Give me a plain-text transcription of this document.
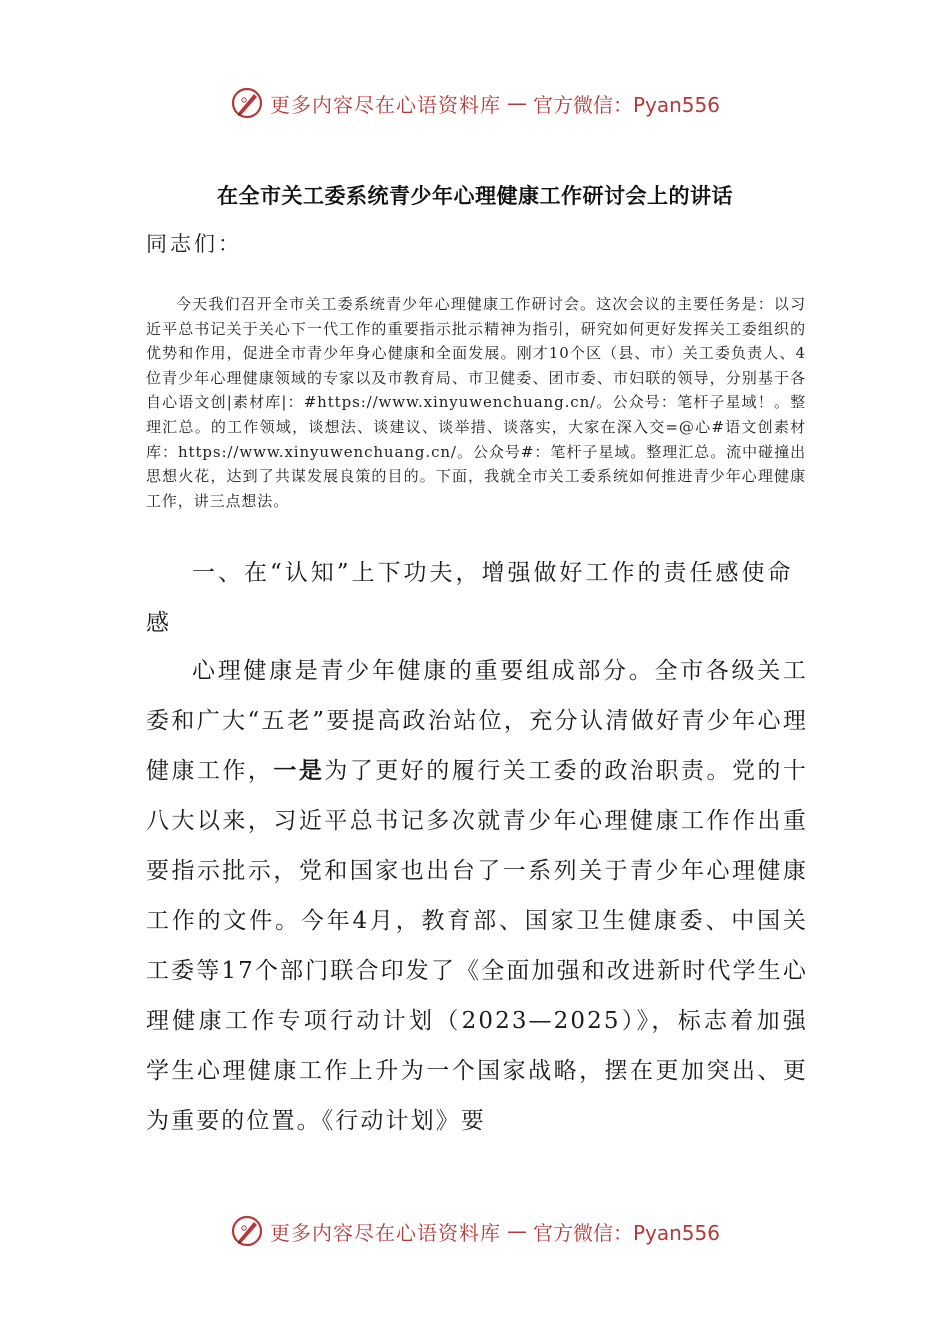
更多内容尽在心语资料库 — 官方微信：Pyan556
在全市关工委系统青少年心理健康工作研讨会上的讲话

同志们：

今天我们召开全市关工委系统青少年心理健康工作研讨会。这次会议的主要任务是：以习近平总书记关于关心下一代工作的重要指示批示精神为指引，研究如何更好发挥关工委组织的优势和作用，促进全市青少年身心健康和全面发展。刚才10个区（县、市）关工委负责人、4位青少年心理健康领域的专家以及市教育局、市卫健委、团市委、市妇联的领导，分别基于各自心语文创|素材库|：#https://www.xinyuwenchuang.cn/。公众号：笔杆子星域！。整理汇总。的工作领域，谈想法、谈建议、谈举措、谈落实，大家在深入交=@心#语文创素材库：https://www.xinyuwenchuang.cn/。公众号#：笔杆子星域。整理汇总。流中碰撞出思想火花，达到了共谋发展良策的目的。下面，我就全市关工委系统如何推进青少年心理健康工作，讲三点想法。

一、在“认知”上下功夫，增强做好工作的责任感使命感

心理健康是青少年健康的重要组成部分。全市各级关工委和广大“五老”要提高政治站位，充分认清做好青少年心理健康工作，一是为了更好的履行关工委的政治职责。党的十八大以来，习近平总书记多次就青少年心理健康工作作出重要指示批示，党和国家也出台了一系列关于青少年心理健康工作的文件。今年4月，教育部、国家卫生健康委、中国关工委等17个部门联合印发了《全面加强和改进新时代学生心理健康工作专项行动计划（2023—2025）》，标志着加强学生心理健康工作上升为一个国家战略，摆在更加突出、更为重要的位置。《行动计划》要

更多内容尽在心语资料库 — 官方微信：Pyan556
